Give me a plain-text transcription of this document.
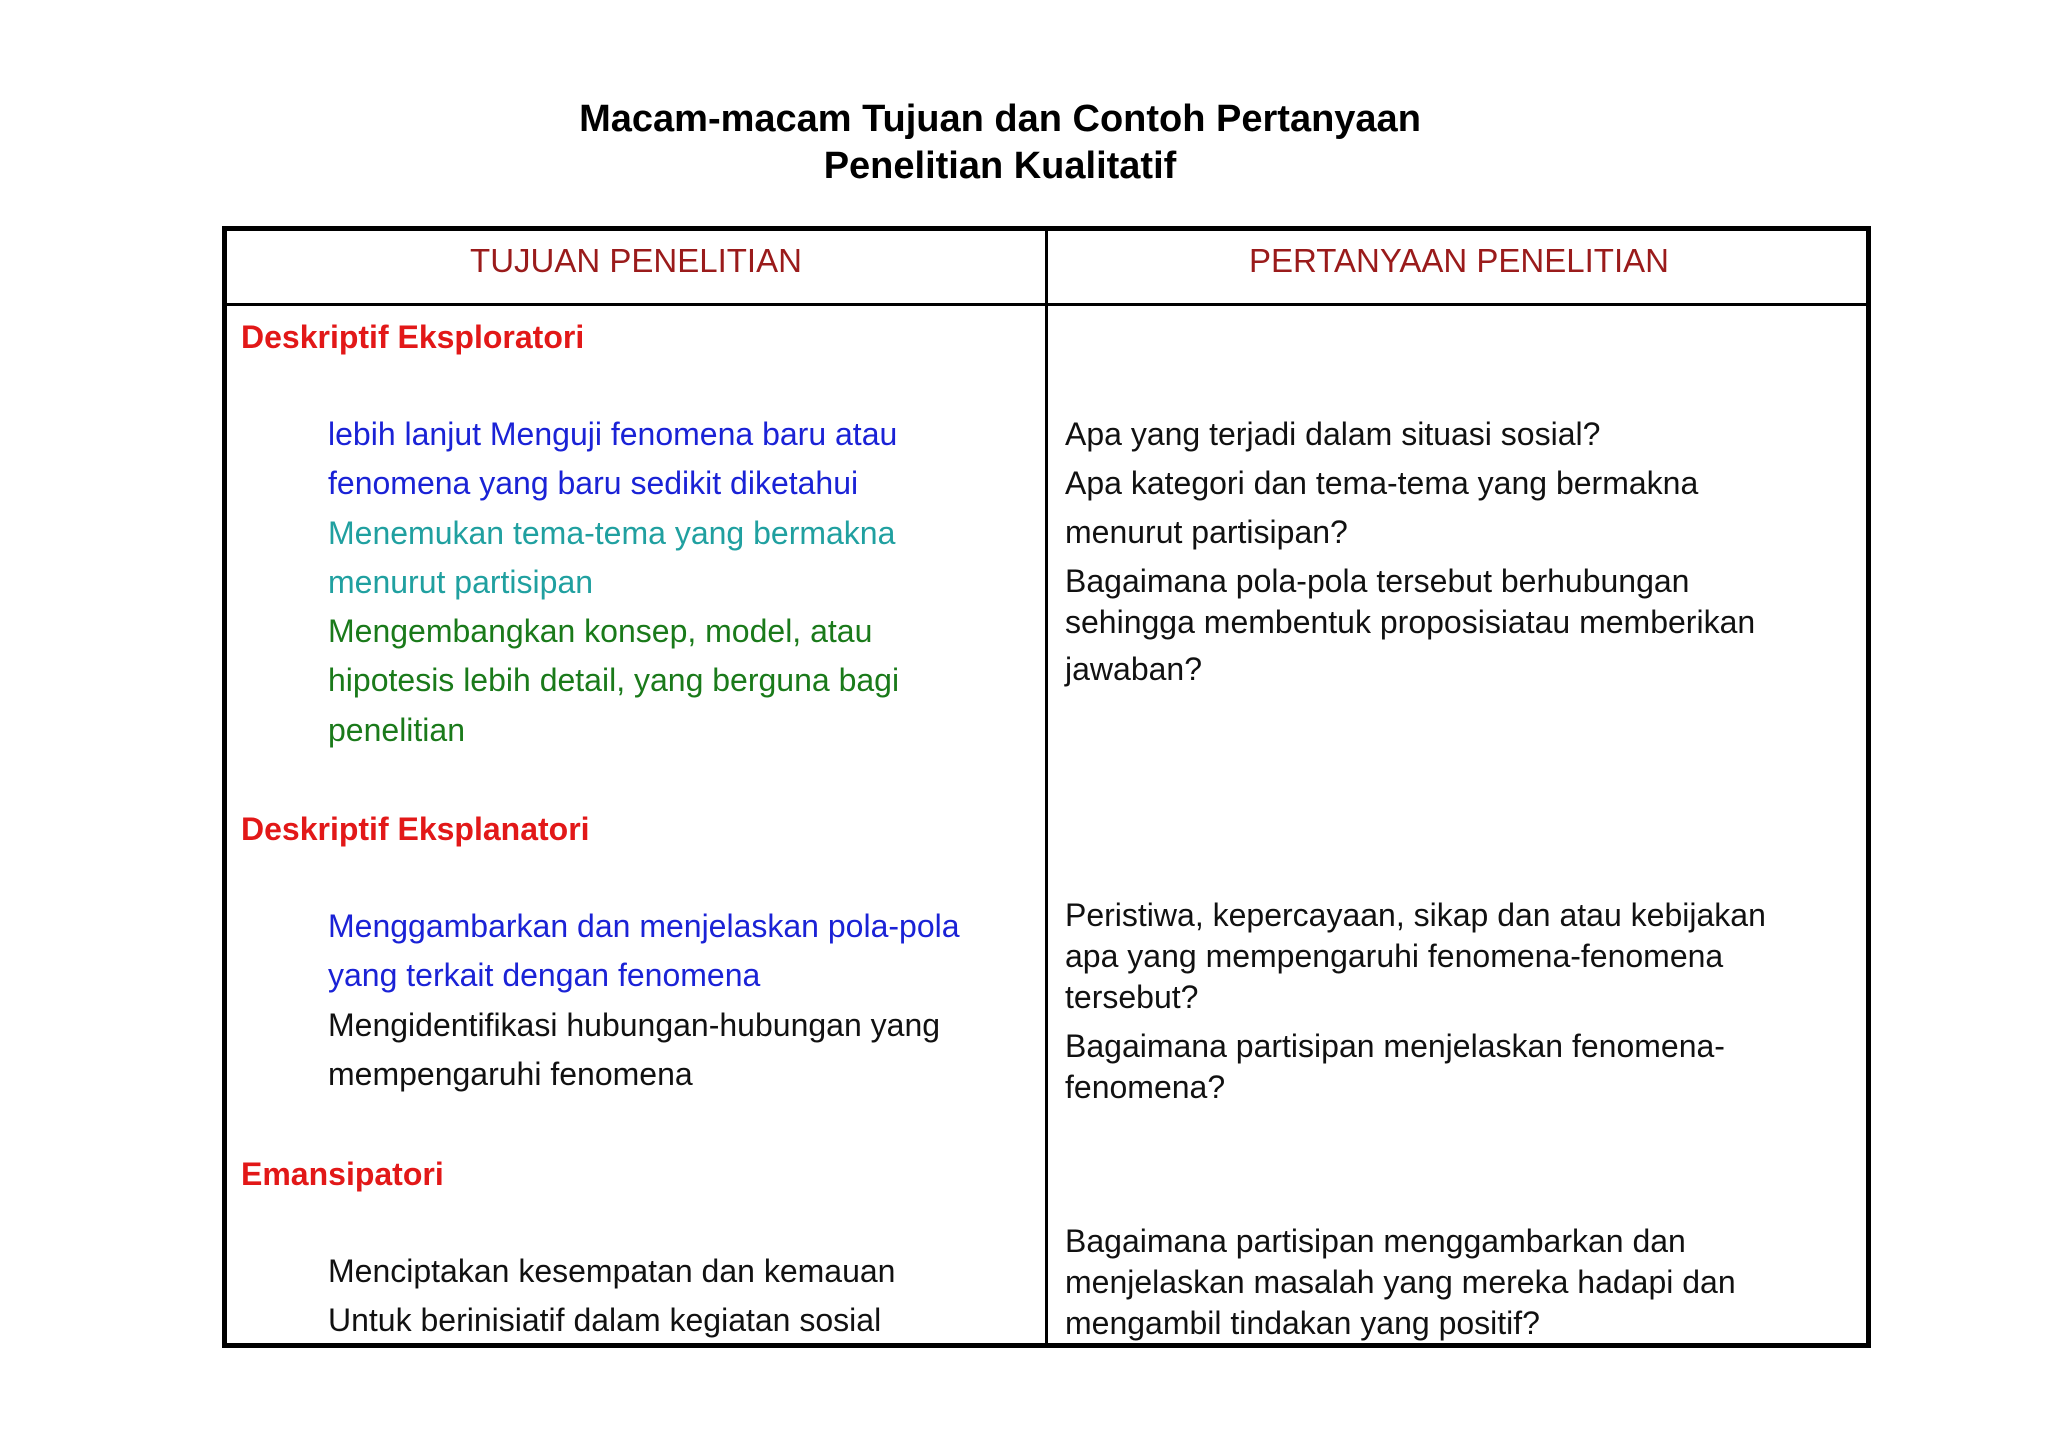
Macam-macam Tujuan dan Contoh Pertanyaan
Penelitian Kualitatif
TUJUAN PENELITIAN	PERTANYAAN PENELITIAN
Deskriptif Eksploratori
lebih lanjut Menguji fenomena baru atau
fenomena yang baru sedikit diketahui
Menemukan tema-tema yang bermakna
menurut partisipan
Mengembangkan konsep, model, atau
hipotesis lebih detail, yang berguna bagi
penelitian
Apa yang terjadi dalam situasi sosial?
Apa kategori dan tema-tema yang bermakna
menurut partisipan?
Bagaimana pola-pola tersebut berhubungan
sehingga membentuk proposisiatau memberikan
jawaban?
Deskriptif Eksplanatori
Menggambarkan dan menjelaskan pola-pola
yang terkait dengan fenomena
Mengidentifikasi hubungan-hubungan yang
mempengaruhi fenomena
Peristiwa, kepercayaan, sikap dan atau kebijakan
apa yang mempengaruhi fenomena-fenomena
tersebut?
Bagaimana partisipan menjelaskan fenomena-
fenomena?
Emansipatori
Menciptakan kesempatan dan kemauan
Untuk berinisiatif dalam kegiatan sosial
Bagaimana partisipan menggambarkan dan
menjelaskan masalah yang mereka hadapi dan
mengambil tindakan yang positif?
